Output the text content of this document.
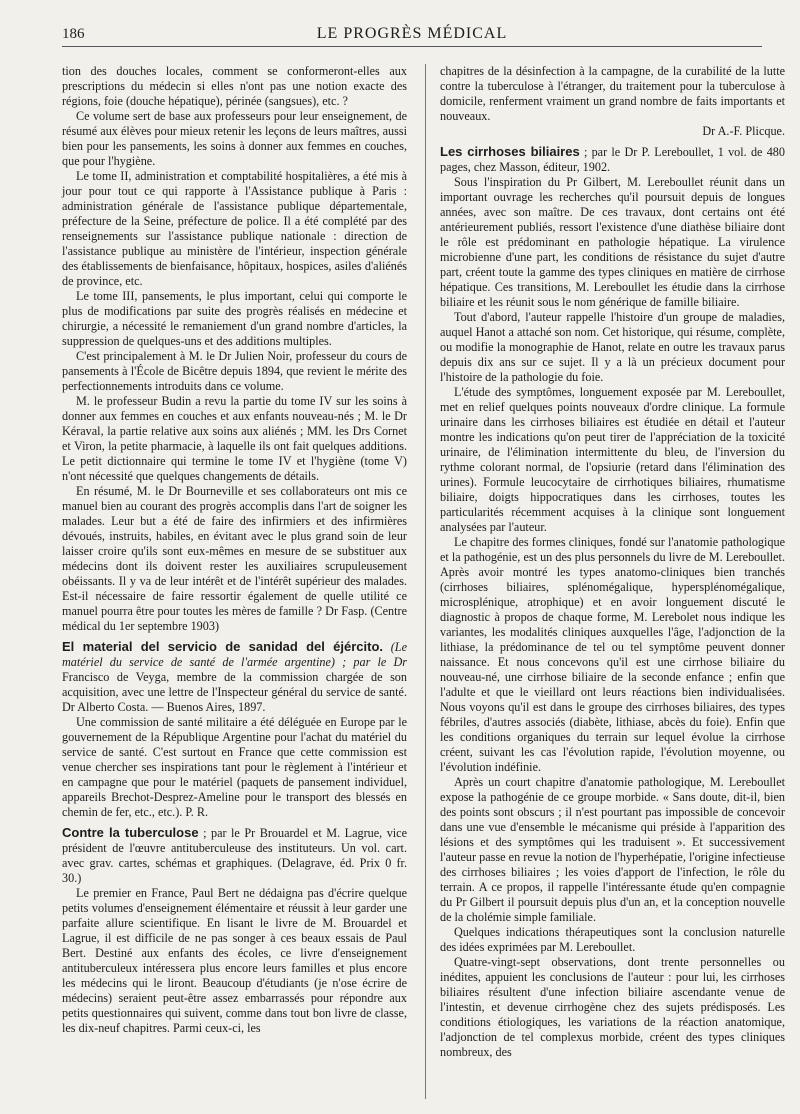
186	LE PROGRÈS MÉDICAL

tion des douches locales, comment se conformeront-elles aux prescriptions du médecin si elles n'ont pas une notion exacte des régions, foie (douche hépatique), périnée (sangsues), etc. ?

Ce volume sert de base aux professeurs pour leur enseignement, de résumé aux élèves pour mieux retenir les leçons de leurs maîtres, aussi bien pour les pansements, les soins à donner aux femmes en couches, que pour l'hygiène.

Le tome II, administration et comptabilité hospitalières, a été mis à jour pour tout ce qui rapporte à l'Assistance publique à Paris : administration générale de l'assistance publique départementale, préfecture de la Seine, préfecture de police. Il a été complété par des renseignements sur l'assistance publique nationale : direction de l'assistance publique au ministère de l'intérieur, inspection générale des établissements de bienfaisance, hôpitaux, hospices, asiles d'aliénés de province, etc.

Le tome III, pansements, le plus important, celui qui comporte le plus de modifications par suite des progrès réalisés en médecine et chirurgie, a nécessité le remaniement d'un grand nombre d'articles, la suppression de quelques-uns et des additions multiples.

C'est principalement à M. le Dr Julien Noir, professeur du cours de pansements à l'École de Bicêtre depuis 1894, que revient le mérite des perfectionnements introduits dans ce volume.

M. le professeur Budin a revu la partie du tome IV sur les soins à donner aux femmes en couches et aux enfants nouveau-nés ; M. le Dr Kéraval, la partie relative aux soins aux aliénés ; MM. les Drs Cornet et Viron, la petite pharmacie, à laquelle ils ont fait quelques additions. Le petit dictionnaire qui termine le tome IV et l'hygiène (tome V) n'ont nécessité que quelques changements de détails.

En résumé, M. le Dr Bourneville et ses collaborateurs ont mis ce manuel bien au courant des progrès accomplis dans l'art de soigner les malades. Leur but a été de faire des infirmiers et des infirmières dévoués, instruits, habiles, en évitant avec le plus grand soin de leur laisser croire qu'ils sont eux-mêmes en mesure de se substituer aux médecins dont ils doivent rester les auxiliaires scrupuleusement obéissants. Il y va de leur intérêt et de l'intérêt supérieur des malades. Est-il nécessaire de faire ressortir également de quelle utilité ce manuel pourra être pour toutes les mères de famille ? Dr Fasp. (Centre médical du 1er septembre 1903)

El material del servicio de sanidad del éjército. (Le matériel du service de santé de l'armée argentine) ; par le Dr Francisco de Veyga, membre de la commission chargée de son acquisition, avec une lettre de l'Inspecteur général du service de santé. Dr Alberto Costa. — Buenos Aires, 1897.

Une commission de santé militaire a été déléguée en Europe par le gouvernement de la République Argentine pour l'achat du matériel du service de santé. C'est surtout en France que cette commission est venue chercher ses inspirations tant pour le règlement à l'intérieur et en campagne que pour le matériel (paquets de pansement individuel, appareils Brechot-Desprez-Ameline pour le transport des blessés en chemin de fer, etc., etc.). P. R.

Contre la tuberculose ; par le Pr Brouardel et M. Lagrue, vice président de l'œuvre antituberculeuse des instituteurs. Un vol. cart. avec grav. cartes, schémas et graphiques. (Delagrave, éd. Prix 0 fr. 30.)

Le premier en France, Paul Bert ne dédaigna pas d'écrire quelque petits volumes d'enseignement élémentaire et réussit à leur garder une parfaite allure scientifique. En lisant le livre de M. Brouardel et Lagrue, il est difficile de ne pas songer à ces beaux essais de Paul Bert. Destiné aux enfants des écoles, ce livre d'enseignement antituberculeux intéressera plus encore leurs familles et plus encore les médecins qui le liront. Beaucoup d'étudiants (je n'ose écrire de médecins) seraient peut-être assez embarrassés pour répondre aux petits questionnaires qui suivent, comme dans tout bon livre de classe, les dix-neuf chapitres. Parmi ceux-ci, les

chapitres de la désinfection à la campagne, de la curabilité de la lutte contre la tuberculose à l'étranger, du traitement pour la tuberculose à domicile, renferment vraiment un grand nombre de faits importants et nouveaux.

Dr A.-F. Plicque.

Les cirrhoses biliaires ; par le Dr P. Lereboullet, 1 vol. de 480 pages, chez Masson, éditeur, 1902.

Sous l'inspiration du Pr Gilbert, M. Lereboullet réunit dans un important ouvrage les recherches qu'il poursuit depuis de longues années, avec son maître. De ces travaux, dont certains ont été antérieurement publiés, ressort l'existence d'une diathèse biliaire dont le rôle est prédominant en pathologie hépatique. La virulence microbienne d'une part, les conditions de résistance du sujet d'autre part, créent toute la gamme des types cliniques en matière de cirrhose hépatique. Ces transitions, M. Lereboullet les étudie dans la cirrhose biliaire et les réunit sous le nom générique de famille biliaire.

Tout d'abord, l'auteur rappelle l'histoire d'un groupe de maladies, auquel Hanot a attaché son nom. Cet historique, qui résume, complète, ou modifie la monographie de Hanot, relate en outre les travaux parus depuis dix ans sur ce sujet. Il y a là un précieux document pour l'histoire de la pathologie du foie.

L'étude des symptômes, longuement exposée par M. Lereboullet, met en relief quelques points nouveaux d'ordre clinique. La formule urinaire dans les cirrhoses biliaires est étudiée en détail et l'auteur montre les indications qu'on peut tirer de l'appréciation de la toxicité urinaire, de l'élimination intermittente du bleu, de l'inversion du rythme colorant normal, de l'opsiurie (retard dans l'élimination des urines). Formule leucocytaire de cirrhotiques biliaires, rhumatisme biliaire, doigts hippocratiques dans les cirrhoses, toutes les particularités récemment acquises à la clinique sont longuement analysées par l'auteur.

Le chapitre des formes cliniques, fondé sur l'anatomie pathologique et la pathogénie, est un des plus personnels du livre de M. Lereboullet. Après avoir montré les types anatomo-cliniques bien tranchés (cirrhoses biliaires, splénomégalique, hypersplénomégalique, microsplénique, atrophique) et en avoir longuement discuté le diagnostic à propos de chaque forme, M. Lerebolet nous indique les variantes, les modalités cliniques auxquelles l'âge, l'adjonction de la lithiase, la prédominance de tel ou tel symptôme peuvent donner naissance. Et nous concevons qu'il est une cirrhose biliaire du nouveau-né, une cirrhose biliaire de la seconde enfance ; enfin que l'adulte et que le vieillard ont leurs réactions bien individualisées. Nous voyons qu'il est dans le groupe des cirrhoses biliaires, des types fébriles, d'autres associés (diabète, lithiase, abcès du foie). Enfin que les conditions organiques du terrain sur lequel évolue la cirrhose créent, suivant les cas l'évolution rapide, l'évolution moyenne, ou l'évolution indéfinie.

Après un court chapitre d'anatomie pathologique, M. Lereboullet expose la pathogénie de ce groupe morbide. « Sans doute, dit-il, bien des points sont obscurs ; il n'est pourtant pas impossible de concevoir dans une vue d'ensemble le mécanisme qui préside à l'apparition des lésions et des symptômes qui les traduisent ». Et successivement l'auteur passe en revue la notion de l'hyperhépatie, l'origine infectieuse des cirrhoses biliaires ; les voies d'apport de l'infection, le rôle du terrain. A ce propos, il rappelle l'intéressante étude qu'en compagnie du Pr Gilbert il poursuit depuis plus d'un an, et la conception nouvelle de la cholémie simple familiale.

Quelques indications thérapeutiques sont la conclusion naturelle des idées exprimées par M. Lereboullet.

Quatre-vingt-sept observations, dont trente personnelles ou inédites, appuient les conclusions de l'auteur : pour lui, les cirrhoses biliaires résultent d'une infection biliaire ascendante venue de l'intestin, et devenue cirrhogène chez des sujets prédisposés. Les conditions étiologiques, les variations de la réaction anatomique, l'adjonction de tel complexus morbide, créent des types cliniques nombreux, des
